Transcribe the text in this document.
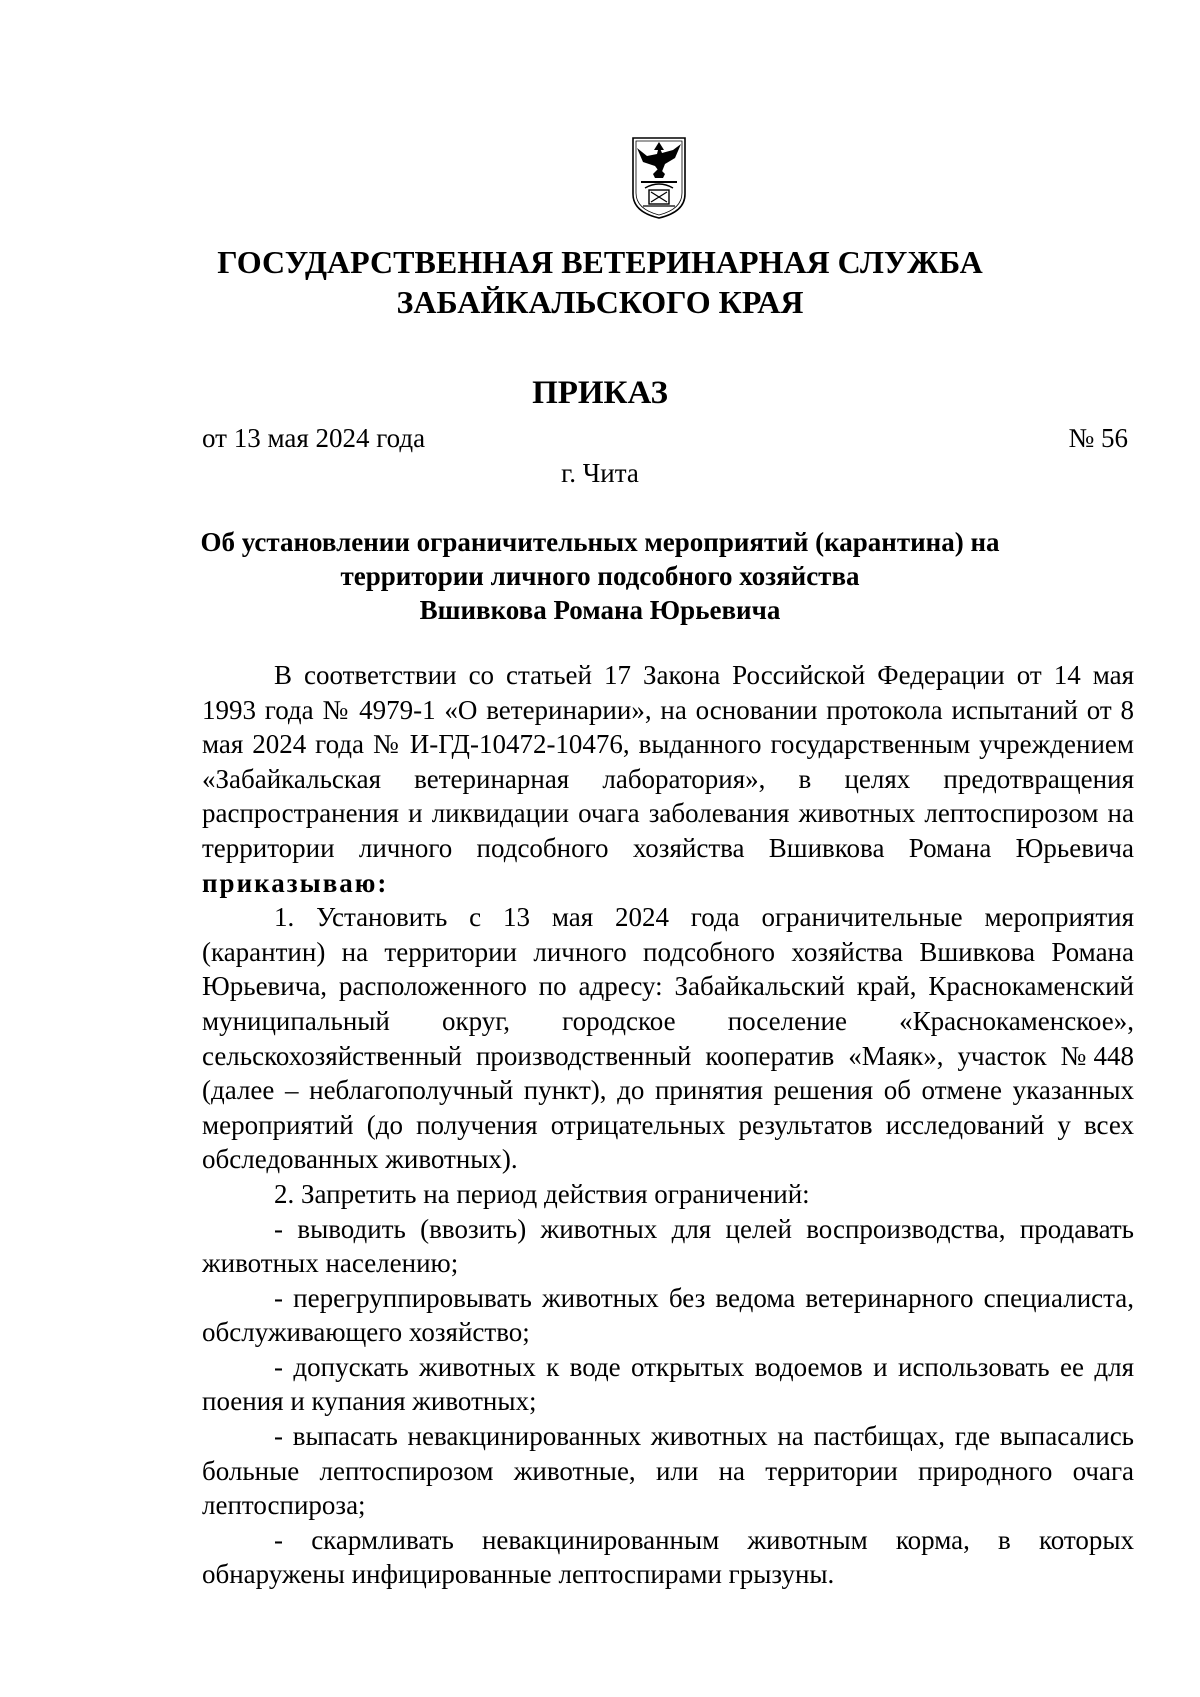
ГОСУДАРСТВЕННАЯ ВЕТЕРИНАРНАЯ СЛУЖБА
ЗАБАЙКАЛЬСКОГО КРАЯ
ПРИКАЗ
от 13 мая 2024 года	№ 56
г. Чита
Об установлении ограничительных мероприятий (карантина) на
территории личного подсобного хозяйства
Вшивкова Романа Юрьевича

В соответствии со статьей 17 Закона Российской Федерации от 14 мая 1993 года № 4979-1 «О ветеринарии», на основании протокола испытаний от 8 мая 2024 года № И-ГД-10472-10476, выданного государственным учреждением «Забайкальская ветеринарная лаборатория», в целях предотвращения распространения и ликвидации очага заболевания животных лептоспирозом на территории личного подсобного хозяйства Вшивкова Романа Юрьевича приказываю:

1. Установить с 13 мая 2024 года ограничительные мероприятия (карантин) на территории личного подсобного хозяйства Вшивкова Романа Юрьевича, расположенного по адресу: Забайкальский край, Краснокаменский муниципальный округ, городское поселение «Краснокаменское», сельскохозяйственный производственный кооператив «Маяк», участок №448 (далее – неблагополучный пункт), до принятия решения об отмене указанных мероприятий (до получения отрицательных результатов исследований у всех обследованных животных).

2. Запретить на период действия ограничений:

- выводить (ввозить) животных для целей воспроизводства, продавать животных населению;

- перегруппировывать животных без ведома ветеринарного специалиста, обслуживающего хозяйство;

- допускать животных к воде открытых водоемов и использовать ее для поения и купания животных;

- выпасать невакцинированных животных на пастбищах, где выпасались больные лептоспирозом животные, или на территории природного очага лептоспироза;

- скармливать невакцинированным животным корма, в которых обнаружены инфицированные лептоспирами грызуны.
